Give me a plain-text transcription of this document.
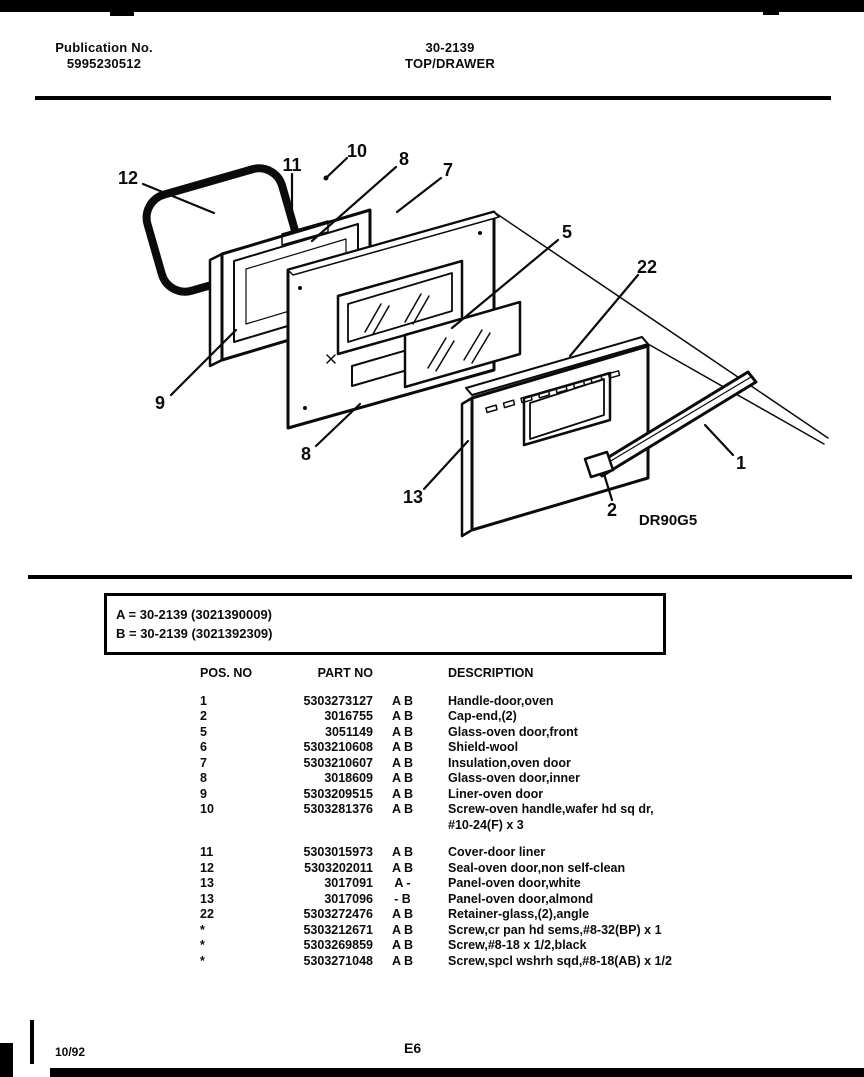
Publication No.
5995230512
30-2139
TOP/DRAWER
12
11
10 8
7
5
22
9
8
13
1
2
DR90G5
A = 30-2139 (3021390009)
B = 30-2139 (3021392309)
POS. NO	PART NO	DESCRIPTION
1	5303273127	A B	Handle-door,oven
2	3016755	A B	Cap-end,(2)
5	3051149	A B	Glass-oven door,front
6	5303210608	A B	Shield-wool
7	5303210607	A B	Insulation,oven door
8	3018609	A B	Glass-oven door,inner
9	5303209515	A B	Liner-oven door
10	5303281376	A B	Screw-oven handle,wafer hd sq dr,
#10-24(F) x 3
11	5303015973	A B	Cover-door liner
12	5303202011	A B	Seal-oven door,non self-clean
13	3017091	A -	Panel-oven door,white
13	3017096	- B	Panel-oven door,almond
22	5303272476	A B	Retainer-glass,(2),angle
*	5303212671	A B	Screw,cr pan hd sems,#8-32(BP) x 1
*	5303269859	A B	Screw,#8-18 x 1/2,black
*	5303271048	A B	Screw,spcl wshrh sqd,#8-18(AB) x 1/2
10/92	E6
